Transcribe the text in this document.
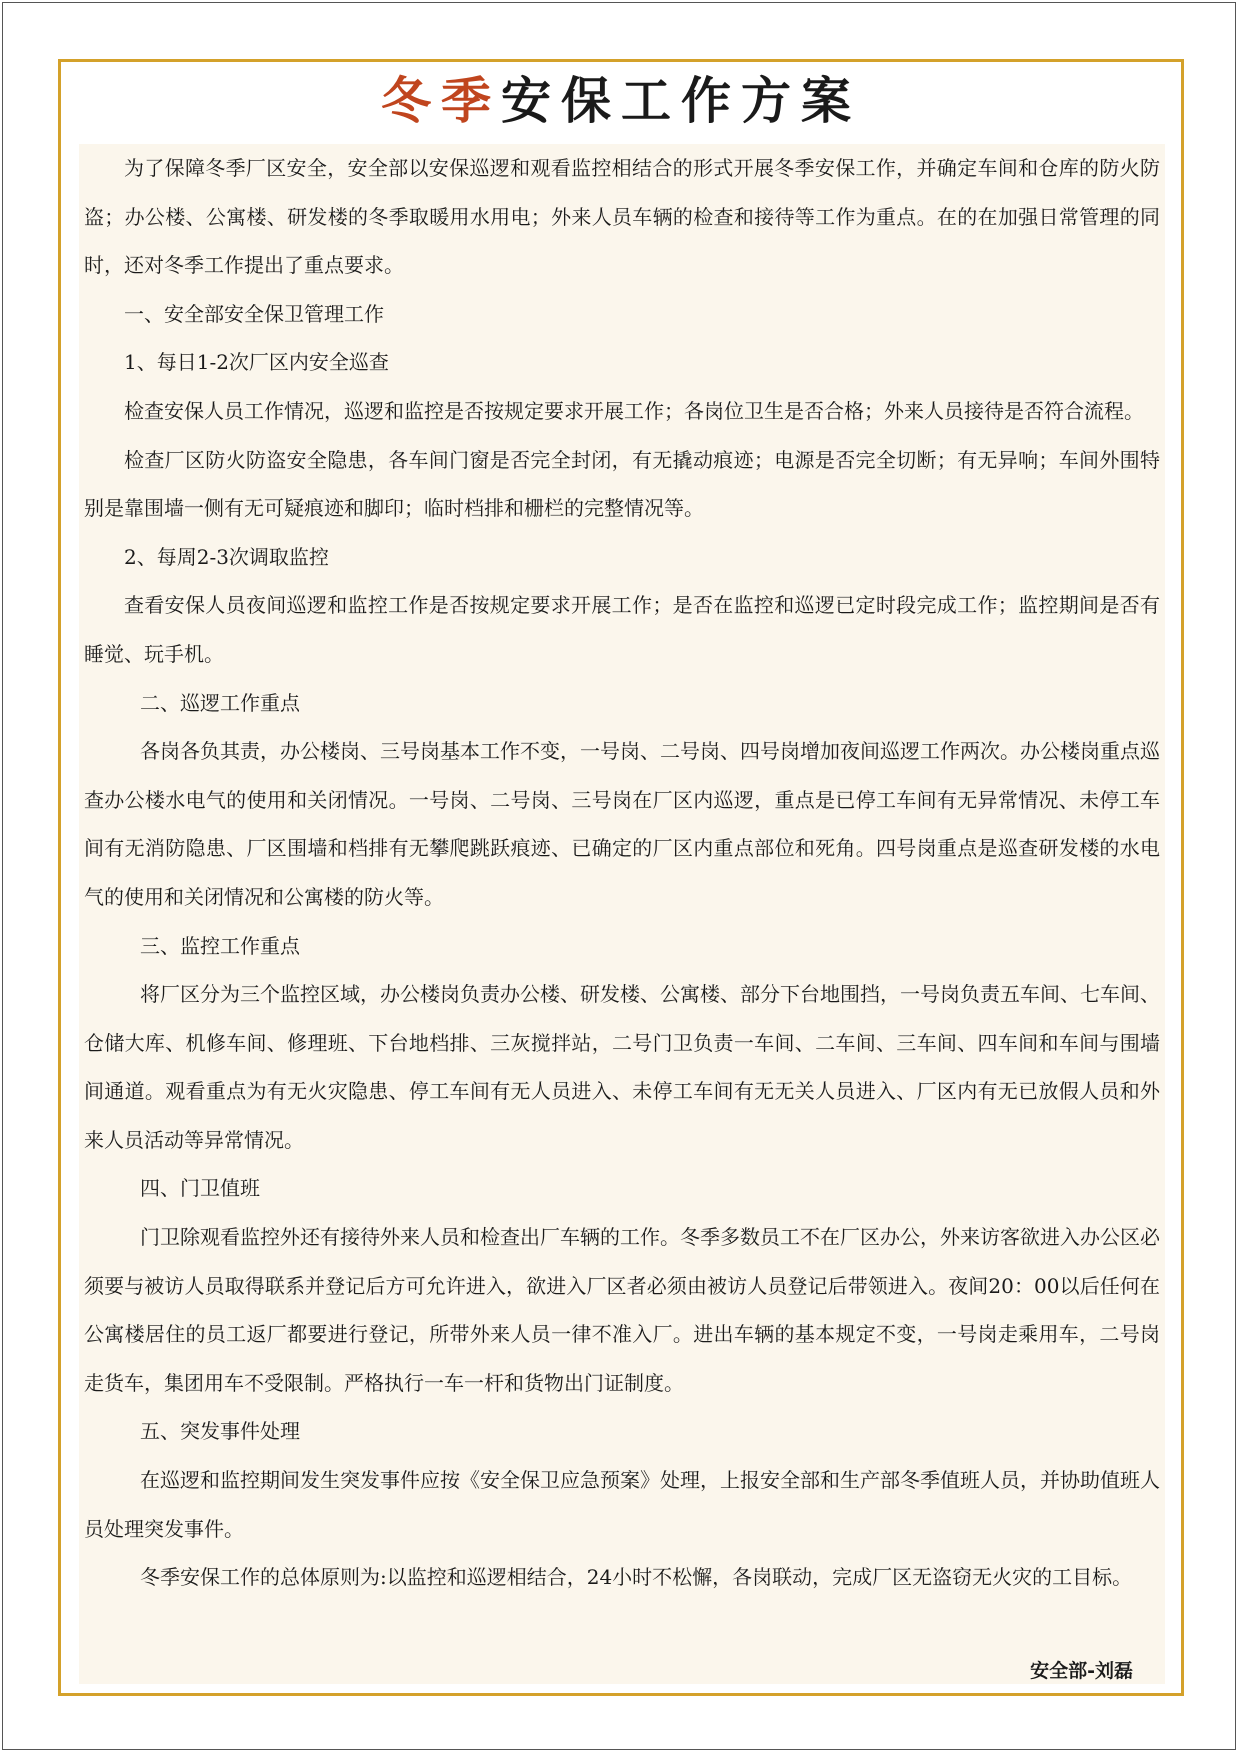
冬季安保工作方案

为了保障冬季厂区安全，安全部以安保巡逻和观看监控相结合的形式开展冬季安保工作，并确定车间和仓库的防火防盗；办公楼、公寓楼、研发楼的冬季取暖用水用电；外来人员车辆的检查和接待等工作为重点。在的在加强日常管理的同时，还对冬季工作提出了重点要求。

一、安全部安全保卫管理工作

1、每日1-2次厂区内安全巡查

检查安保人员工作情况，巡逻和监控是否按规定要求开展工作；各岗位卫生是否合格；外来人员接待是否符合流程。

检查厂区防火防盗安全隐患，各车间门窗是否完全封闭，有无撬动痕迹；电源是否完全切断；有无异响；车间外围特别是靠围墙一侧有无可疑痕迹和脚印；临时档排和栅栏的完整情况等。

2、每周2-3次调取监控

查看安保人员夜间巡逻和监控工作是否按规定要求开展工作；是否在监控和巡逻已定时段完成工作；监控期间是否有睡觉、玩手机。

二、巡逻工作重点

各岗各负其责，办公楼岗、三号岗基本工作不变，一号岗、二号岗、四号岗增加夜间巡逻工作两次。办公楼岗重点巡查办公楼水电气的使用和关闭情况。一号岗、二号岗、三号岗在厂区内巡逻，重点是已停工车间有无异常情况、未停工车间有无消防隐患、厂区围墙和档排有无攀爬跳跃痕迹、已确定的厂区内重点部位和死角。四号岗重点是巡查研发楼的水电气的使用和关闭情况和公寓楼的防火等。

三、监控工作重点

将厂区分为三个监控区域，办公楼岗负责办公楼、研发楼、公寓楼、部分下台地围挡，一号岗负责五车间、七车间、仓储大库、机修车间、修理班、下台地档排、三灰搅拌站，二号门卫负责一车间、二车间、三车间、四车间和车间与围墙间通道。观看重点为有无火灾隐患、停工车间有无人员进入、未停工车间有无无关人员进入、厂区内有无已放假人员和外来人员活动等异常情况。

四、门卫值班

门卫除观看监控外还有接待外来人员和检查出厂车辆的工作。冬季多数员工不在厂区办公，外来访客欲进入办公区必须要与被访人员取得联系并登记后方可允许进入，欲进入厂区者必须由被访人员登记后带领进入。夜间20：00以后任何在公寓楼居住的员工返厂都要进行登记，所带外来人员一律不准入厂。进出车辆的基本规定不变，一号岗走乘用车，二号岗走货车，集团用车不受限制。严格执行一车一杆和货物出门证制度。

五、突发事件处理

在巡逻和监控期间发生突发事件应按《安全保卫应急预案》处理，上报安全部和生产部冬季值班人员，并协助值班人员处理突发事件。

冬季安保工作的总体原则为:以监控和巡逻相结合，24小时不松懈，各岗联动，完成厂区无盗窃无火灾的工目标。

安全部-刘磊
